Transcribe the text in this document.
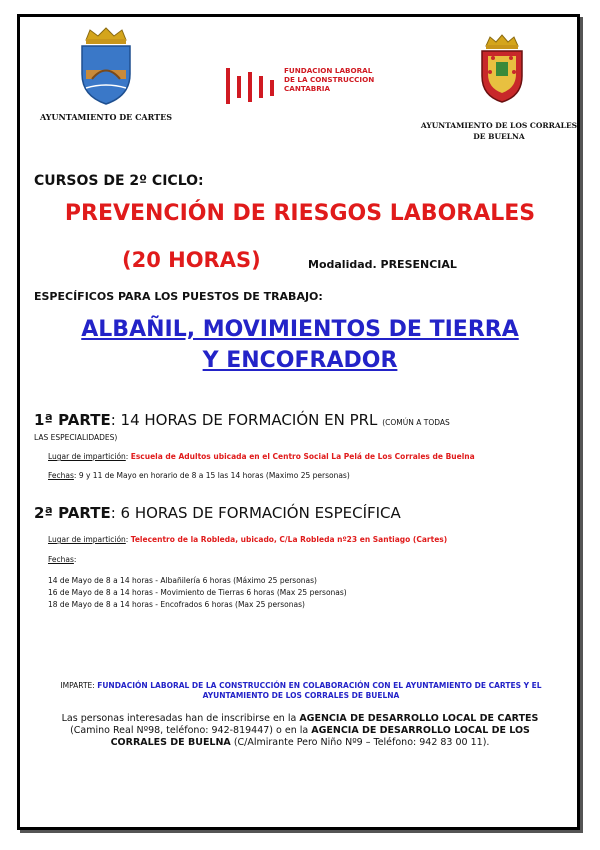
AYUNTAMIENTO DE CARTES
FUNDACION LABORAL
DE LA CONSTRUCCION
CANTABRIA
AYUNTAMIENTO DE LOS CORRALES
DE BUELNA
CURSOS DE 2º CICLO:
PREVENCIÓN DE RIESGOS LABORALES
(20 HORAS)	Modalidad. PRESENCIAL
ESPECÍFICOS PARA LOS PUESTOS DE TRABAJO:
ALBAÑIL, MOVIMIENTOS DE TIERRA
Y ENCOFRADOR
1ª PARTE: 14 HORAS DE FORMACIÓN EN PRL (COMÚN A TODAS
LAS ESPECIALIDADES)
Lugar de impartición: Escuela de Adultos ubicada en el Centro Social La Pelá de Los Corrales de Buelna
Fechas: 9 y 11 de Mayo en horario de 8 a 15 las 14 horas (Maximo 25 personas)
2ª PARTE: 6 HORAS DE FORMACIÓN ESPECÍFICA
Lugar de impartición: Telecentro de la Robleda, ubicado, C/La Robleda nº23 en Santiago (Cartes)
Fechas:
14 de Mayo de 8 a 14 horas - Albañilería 6 horas (Máximo 25 personas)
16 de Mayo de 8 a 14 horas - Movimiento de Tierras 6 horas (Max 25 personas)
18 de Mayo de 8 a 14 horas - Encofrados 6 horas (Max 25 personas)
IMPARTE: FUNDACIÓN LABORAL DE LA CONSTRUCCIÓN EN COLABORACIÓN CON EL AYUNTAMIENTO DE CARTES Y EL
AYUNTAMIENTO DE LOS CORRALES DE BUELNA
Las personas interesadas han de inscribirse en la AGENCIA DE DESARROLLO LOCAL DE CARTES
(Camino Real Nº98, teléfono: 942-819447) o en la AGENCIA DE DESARROLLO LOCAL DE LOS
CORRALES DE BUELNA (C/Almirante Pero Niño Nº9 – Teléfono: 942 83 00 11).
